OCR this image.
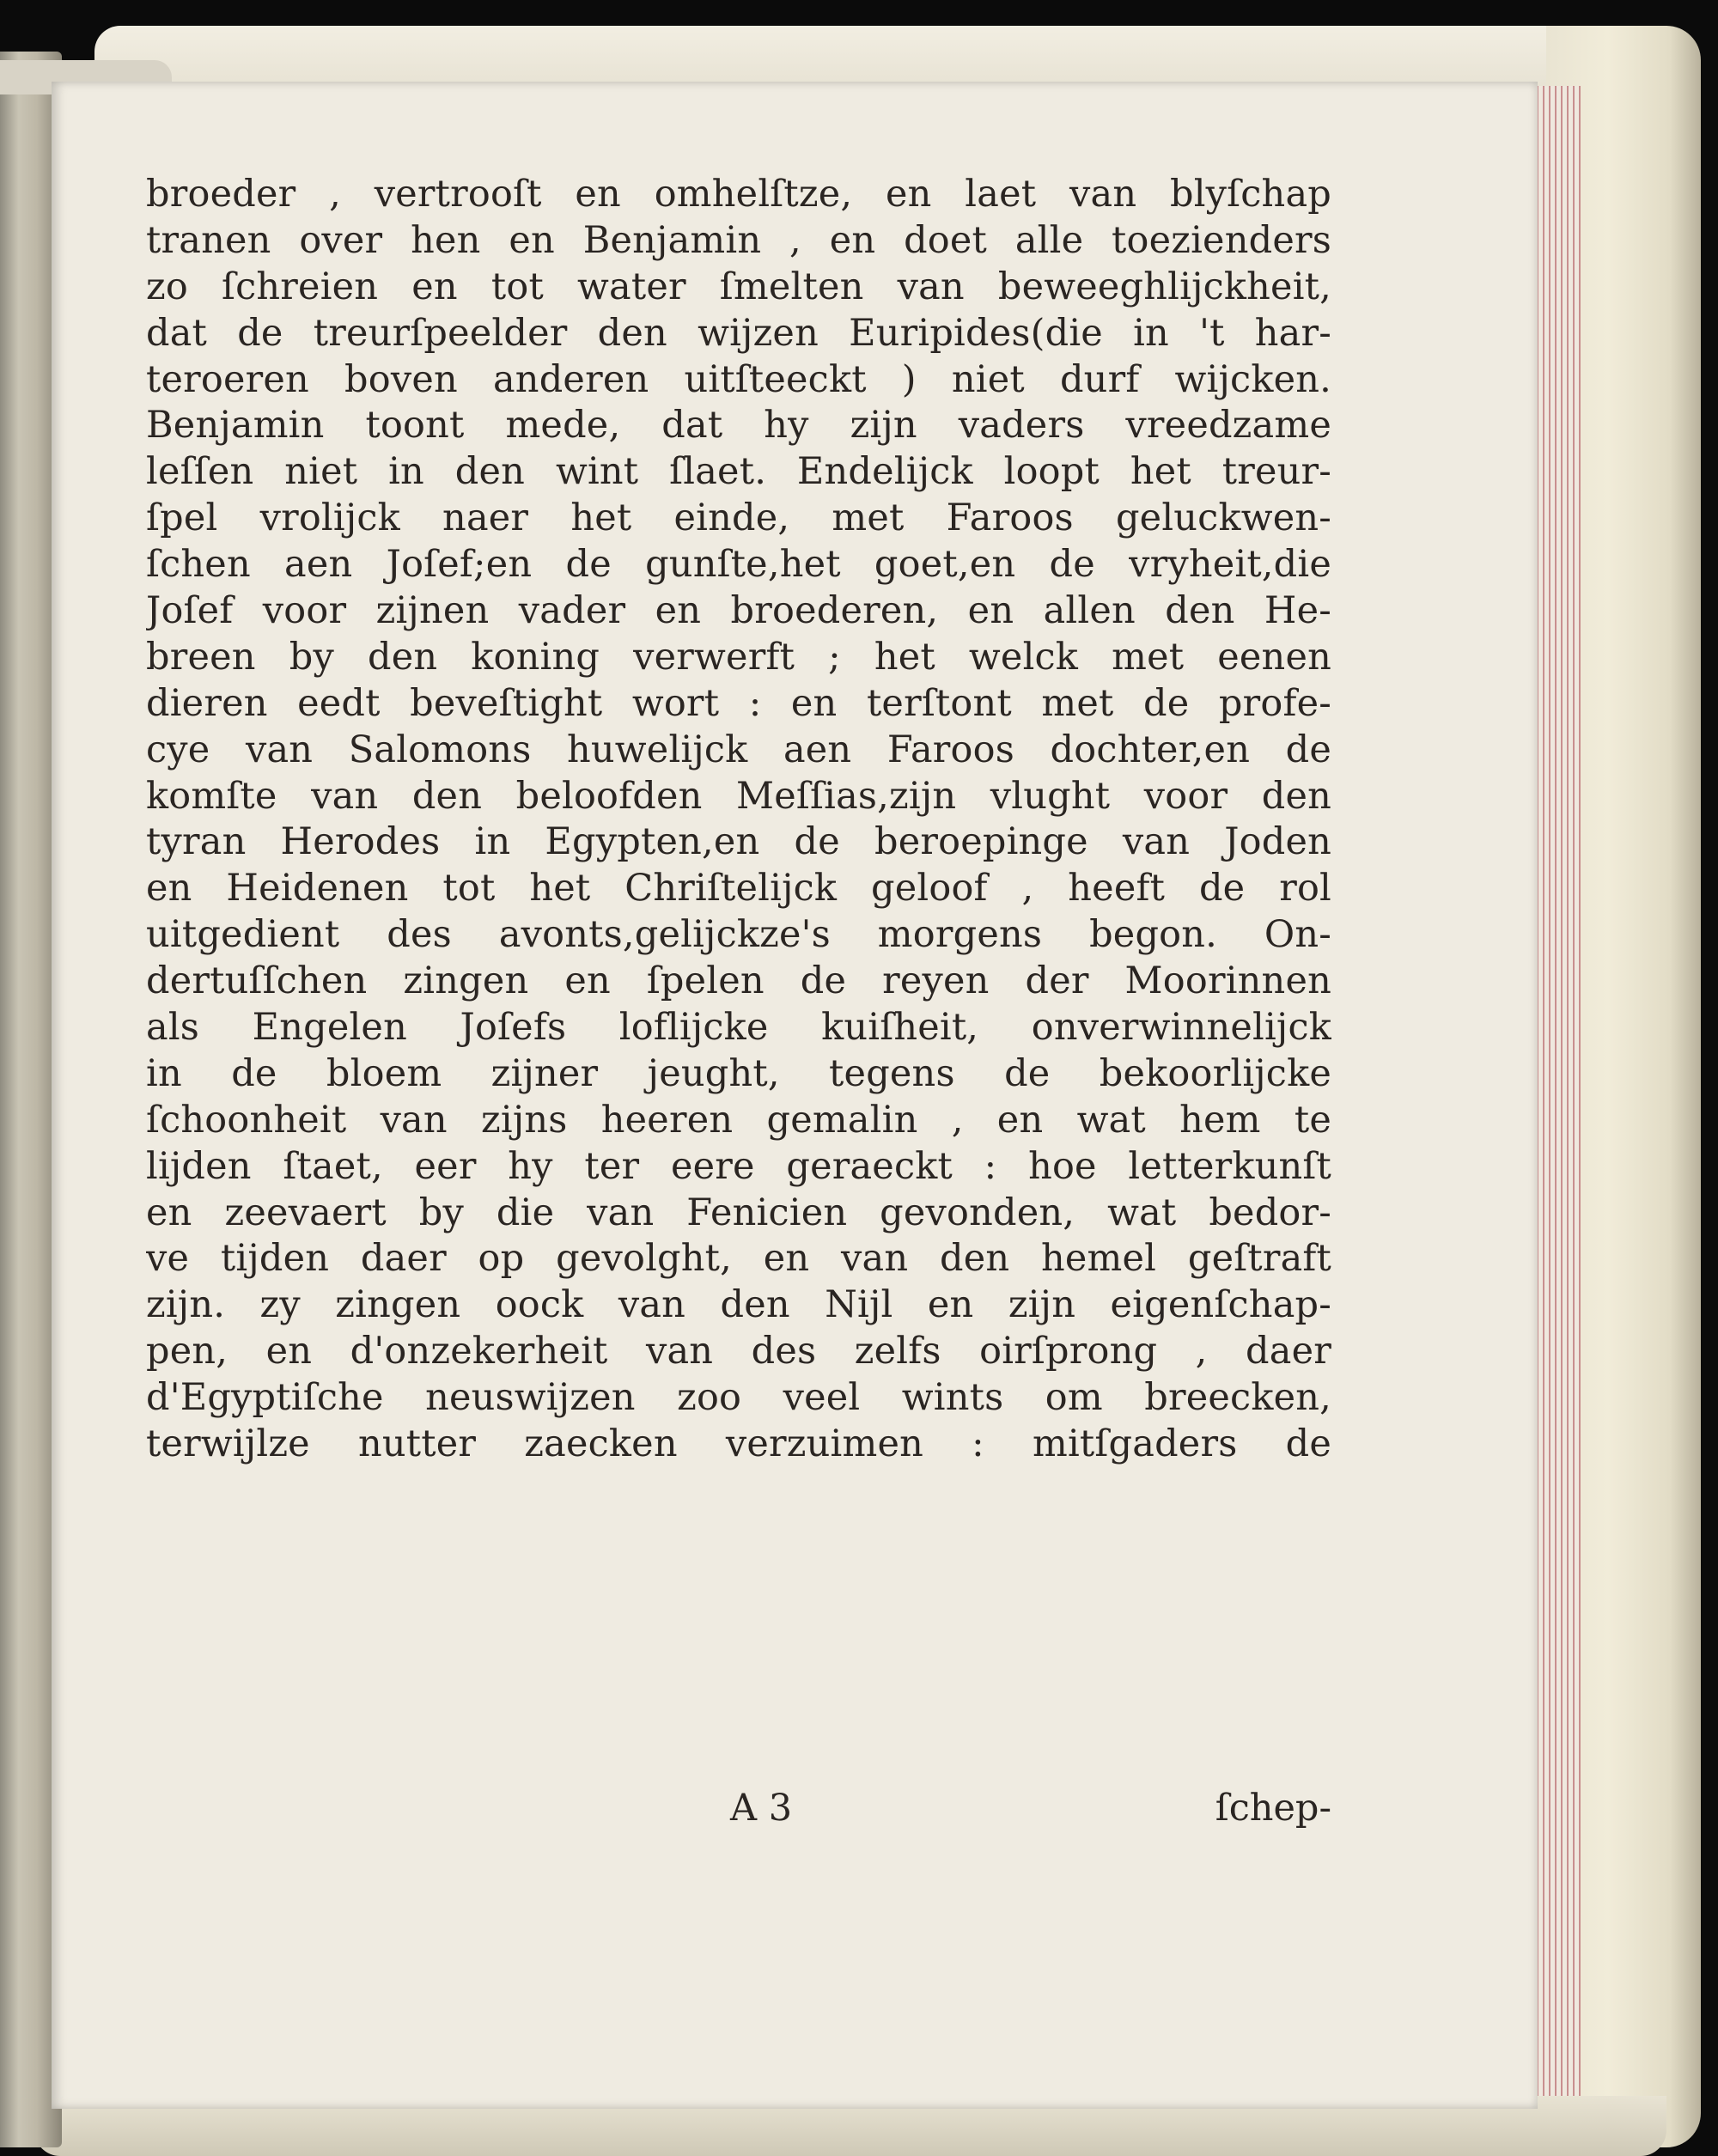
broeder , vertrooſt en omhelſtze, en laet van blyſchap
tranen over hen en Benjamin , en doet alle toezienders
zo ſchreien en tot water ſmelten van beweeghlijckheit,
dat de treurſpeelder den wijzen Euripides(die in 't har-
teroeren boven anderen uitſteeckt ) niet durf wijcken.
Benjamin toont mede, dat hy zijn vaders vreedzame
leſſen niet in den wint ſlaet. Endelijck loopt het treur-
ſpel vrolijck naer het einde, met Faroos geluckwen-
ſchen aen Joſef;en de gunſte,het goet,en de vryheit,die
Joſef voor zijnen vader en broederen, en allen den He-
breen by den koning verwerft ; het welck met eenen
dieren eedt beveſtight wort : en terſtont met de profe-
cye van Salomons huwelijck aen Faroos dochter,en de
komſte van den beloofden Meſſias,zijn vlught voor den
tyran Herodes in Egypten,en de beroepinge van Joden
en Heidenen tot het Chriſtelijck geloof , heeft de rol
uitgedient des avonts,gelijckze's morgens begon. On-
dertuſſchen zingen en ſpelen de reyen der Moorinnen
als Engelen Joſefs loflijcke kuiſheit, onverwinnelijck
in de bloem zijner jeught, tegens de bekoorlijcke
ſchoonheit van zijns heeren gemalin , en wat hem te
lijden ſtaet, eer hy ter eere geraeckt : hoe letterkunſt
en zeevaert by die van Fenicien gevonden, wat bedor-
ve tijden daer op gevolght, en van den hemel geſtraft
zijn. zy zingen oock van den Nijl en zijn eigenſchap-
pen, en d'onzekerheit van des zelfs oirſprong , daer
d'Egyptiſche neuswijzen zoo veel wints om breecken,
terwijlze nutter zaecken verzuimen : mitſgaders de
A 3	ſchep-
